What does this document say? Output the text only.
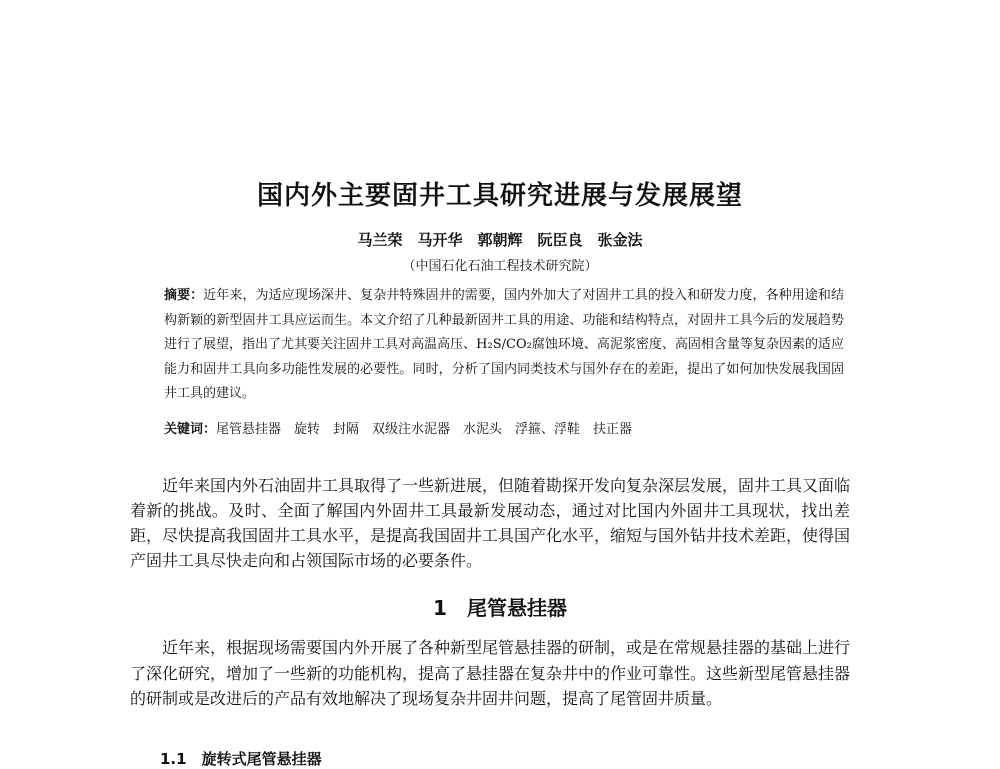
国内外主要固井工具研究进展与发展展望
马兰荣　马开华　郭朝辉　阮臣良　张金法
（中国石化石油工程技术研究院）
摘要：近年来，为适应现场深井、复杂井特殊固井的需要，国内外加大了对固井工具的投入和研发力度，各种用途和结构新颖的新型固井工具应运而生。本文介绍了几种最新固井工具的用途、功能和结构特点，对固井工具今后的发展趋势进行了展望，指出了尤其要关注固井工具对高温高压、H₂S/CO₂腐蚀环境、高泥浆密度、高固相含量等复杂因素的适应能力和固井工具向多功能性发展的必要性。同时，分析了国内同类技术与国外存在的差距，提出了如何加快发展我国固井工具的建议。
关键词：尾管悬挂器　旋转　封隔　双级注水泥器　水泥头　浮箍、浮鞋　扶正器
近年来国内外石油固井工具取得了一些新进展，但随着勘探开发向复杂深层发展，固井工具又面临着新的挑战。及时、全面了解国内外固井工具最新发展动态，通过对比国内外固井工具现状，找出差距，尽快提高我国固井工具水平，是提高我国固井工具国产化水平，缩短与国外钻井技术差距，使得国产固井工具尽快走向和占领国际市场的必要条件。
1　尾管悬挂器
近年来，根据现场需要国内外开展了各种新型尾管悬挂器的研制，或是在常规悬挂器的基础上进行了深化研究，增加了一些新的功能机构，提高了悬挂器在复杂井中的作业可靠性。这些新型尾管悬挂器的研制或是改进后的产品有效地解决了现场复杂井固井问题，提高了尾管固井质量。
1.1　旋转式尾管悬挂器
